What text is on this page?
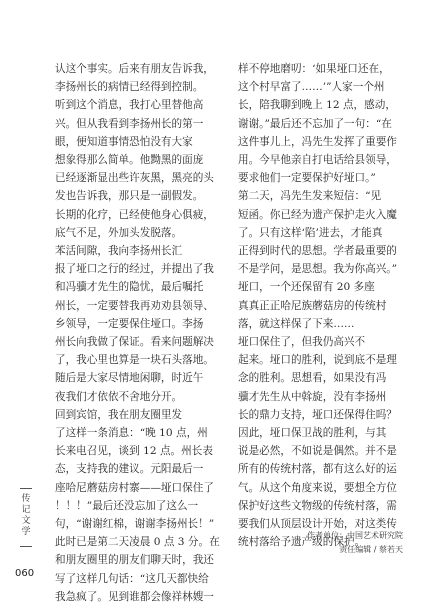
认这个事实。后来有朋友告诉我，
李扬州长的病情已经得到控制。
听到这个消息，我打心里替他高
兴。但从我看到李扬州长的第一
眼，便知道事情恐怕没有大家
想象得那么简单。他黝黑的面庞
已经逐渐显出些许灰黑，黑亮的头
发也告诉我，那只是一副假发。
长期的化疗，已经使他身心俱疲，
底气不足，外加头发脱落。
苯活间隙，我向李扬州长汇
报了垭口之行的经过，并提出了我
和冯骥才先生的隐忧，最后嘱托
州长，一定要替我再劝劝县领导、
乡领导，一定要保住垭口。李扬
州长向我做了保证。看来问题解决
了，我心里也算是一块石头落地。
随后是大家尽情地闲聊，时近午
夜我们才依依不舍地分开。
回到宾馆，我在朋友圈里发
了这样一条消息：“晚 10 点，州
长来电召见，谈到 12 点。州长表
态，支持我的建议。元阳最后一
座哈尼蘑菇房村寨——垭口保住了
！！！”最后还没忘加了这么一
句，“谢谢红棉，谢谢李扬州长！”
此时已是第二天凌晨 0 点 3 分。在
和朋友圈里的朋友们聊天时，我还
写了这样几句话：“这几天都快给
我急疯了。见到谁都会像祥林嫂一
样不停地磨叨：‘如果垭口还在，
这个村早富了……’”人家一个州
长，陪我聊到晚上 12 点，感动，
谢谢。”最后还不忘加了一句：“在
这件事儿上，冯先生发挥了重要作
用。今早他亲自打电话给县领导，
要求他们一定要保护好垭口。”
第二天，冯先生发来短信：“见
短函。你已经为遗产保护走火入魔
了。只有这样‘陷’进去，才能真
正得到时代的思想。学者最重要的
不是学问，是思想。我为你高兴。”
垭口，一个还保留有 20 多座
真真正正哈尼族蘑菇房的传统村
落，就这样保了下来……
垭口保住了，但我仍高兴不
起来。垭口的胜利，说到底不是理
念的胜利。思想看，如果没有冯
骥才先生从中斡旋，没有李扬州
长的鼎力支持，垭口还保得住吗？
因此，垭口保卫战的胜利，与其
说是必然，不如说是偶然。并不是
所有的传统村落，都有这么好的运
气。从这个角度来说，要想全方位
保护好这些文物级的传统村落，需
要我们从顶层设计开始，对这类传
统村落给予遗产级的保护。
传
记
文
学
060
作者单位：中国艺术研究院
责任编辑 / 蔡若天
